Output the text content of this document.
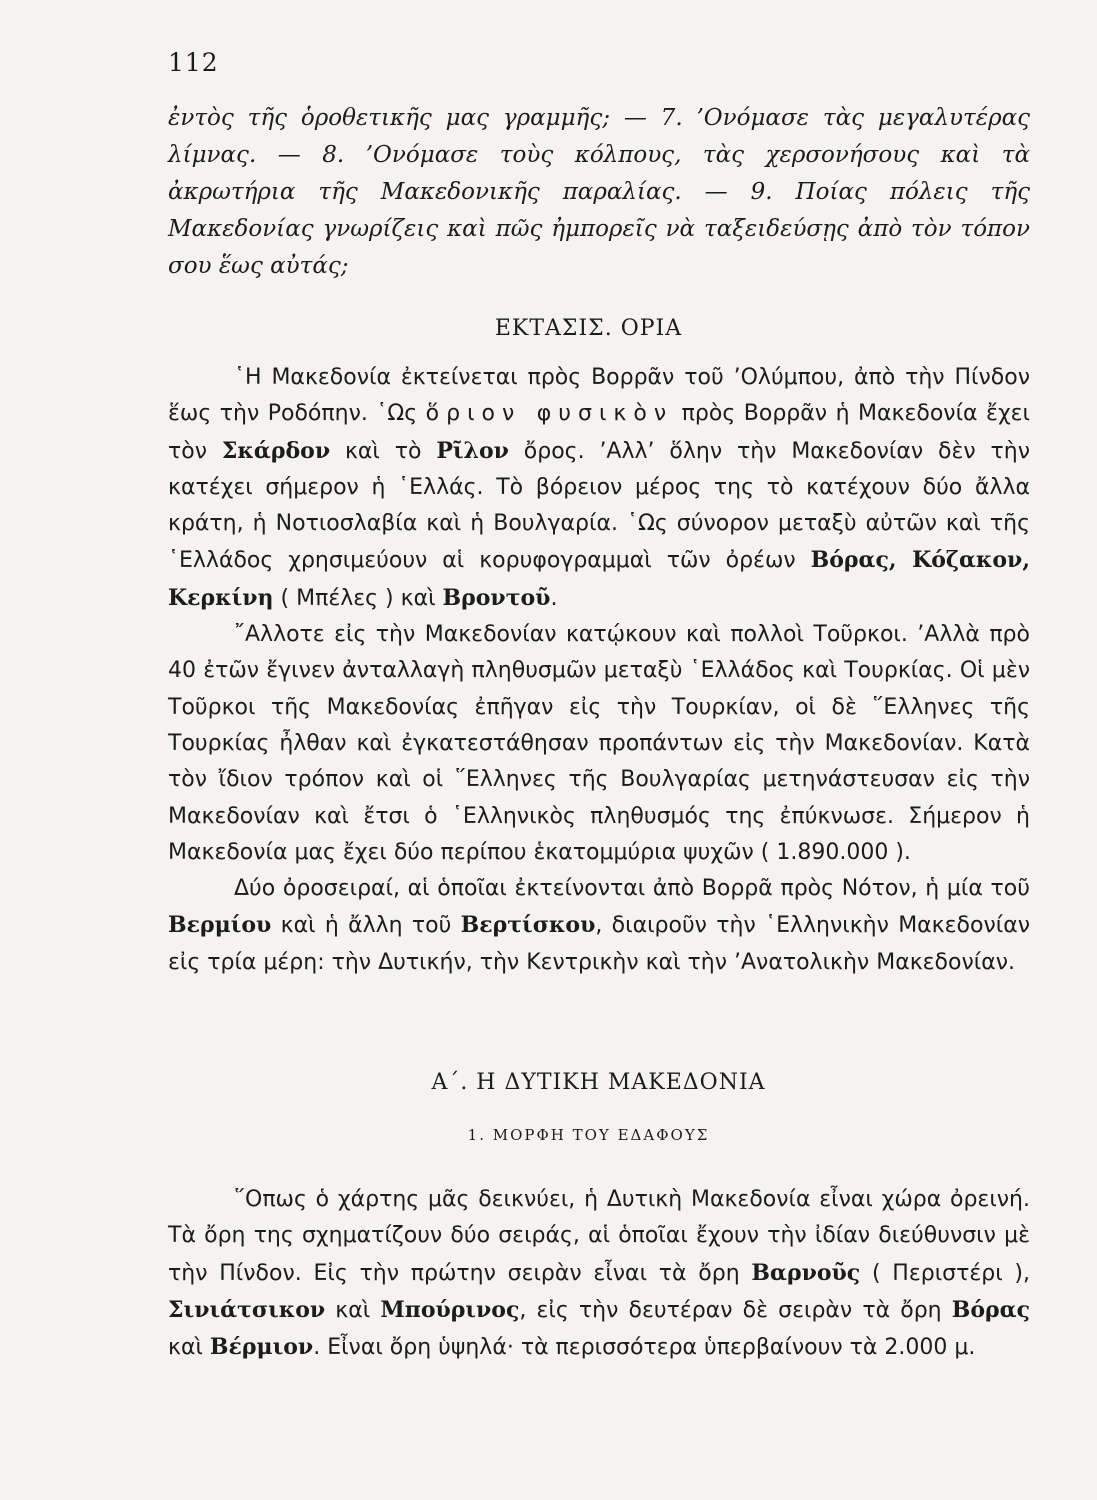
112
ἐντὸς τῆς ὁροθετικῆς μας γραμμῆς; — 7. ’Ονόμασε τὰς μεγαλυτέρας λίμνας. — 8. ’Ονόμασε τοὺς κόλπους, τὰς χερσονήσους καὶ τὰ ἀκρωτήρια τῆς Μακεδονικῆς παραλίας. — 9. Ποίας πόλεις τῆς Μακεδονίας γνωρίζεις καὶ πῶς ἠμπορεῖς νὰ ταξειδεύσῃς ἀπὸ τὸν τόπον σου ἕως αὐτάς;
ΕΚΤΑΣΙΣ. ΟΡΙΑ

῾Η Μακεδονία ἐκτείνεται πρὸς Βορρᾶν τοῦ ’Ολύμπου, ἀπὸ τὴν Πίνδον ἕως τὴν Ροδόπην. ῾Ως ὅριον φυσικὸν πρὸς Βορρᾶν ἡ Μακεδονία ἔχει τὸν Σκάρδον καὶ τὸ Ρῖλον ὄρος. ’Αλλ’ ὅλην τὴν Μακεδονίαν δὲν τὴν κατέχει σήμερον ἡ ῾Ελλάς. Τὸ βόρειον μέρος της τὸ κατέχουν δύο ἄλλα κράτη, ἡ Νοτιοσλαβία καὶ ἡ Βουλγαρία. ῾Ως σύνορον μεταξὺ αὐτῶν καὶ τῆς ῾Ελλάδος χρησιμεύουν αἱ κορυφογραμμαὶ τῶν ὀρέων Βόρας, Κόζακον, Κερκίνη ( Μπέλες ) καὶ Βροντοῦ.

῎Αλλοτε εἰς τὴν Μακεδονίαν κατῴκουν καὶ πολλοὶ Τοῦρκοι. ’Αλλὰ πρὸ 40 ἐτῶν ἔγινεν ἀνταλλαγὴ πληθυσμῶν μεταξὺ ῾Ελλάδος καὶ Τουρκίας. Οἱ μὲν Τοῦρκοι τῆς Μακεδονίας ἐπῆγαν εἰς τὴν Τουρκίαν, οἱ δὲ ῞Ελληνες τῆς Τουρκίας ἦλθαν καὶ ἐγκατεστάθησαν προπάντων εἰς τὴν Μακεδονίαν. Κατὰ τὸν ἴδιον τρόπον καὶ οἱ ῞Ελληνες τῆς Βουλγαρίας μετηνάστευσαν εἰς τὴν Μακεδονίαν καὶ ἔτσι ὁ ῾Ελληνικὸς πληθυσμός της ἐπύκνωσε. Σήμερον ἡ Μακεδονία μας ἔχει δύο περίπου ἑκατομμύρια ψυχῶν ( 1.890.000 ).

Δύο ὀροσειραί, αἱ ὁποῖαι ἐκτείνονται ἀπὸ Βορρᾶ πρὸς Νότον, ἡ μία τοῦ Βερμίου καὶ ἡ ἄλλη τοῦ Βερτίσκου, διαιροῦν τὴν ῾Ελληνικὴν Μακεδονίαν εἰς τρία μέρη: τὴν Δυτικήν, τὴν Κεντρικὴν καὶ τὴν ’Ανατολικὴν Μακεδονίαν.

Α΄. Η ΔΥΤΙΚΗ ΜΑΚΕΔΟΝΙΑ
1. ΜΟΡΦΗ ΤΟΥ ΕΔΑΦΟΥΣ

῞Οπως ὁ χάρτης μᾶς δεικνύει, ἡ Δυτικὴ Μακεδονία εἶναι χώρα ὀρεινή. Τὰ ὄρη της σχηματίζουν δύο σειράς, αἱ ὁποῖαι ἔχουν τὴν ἰδίαν διεύθυνσιν μὲ τὴν Πίνδον. Εἰς τὴν πρώτην σειρὰν εἶναι τὰ ὄρη Βαρνοῦς ( Περιστέρι ), Σινιάτσικον καὶ Μπούρινος, εἰς τὴν δευτέραν δὲ σειρὰν τὰ ὄρη Βόρας καὶ Βέρμιον. Εἶναι ὄρη ὑψηλά· τὰ περισσότερα ὑπερβαίνουν τὰ 2.000 μ.
